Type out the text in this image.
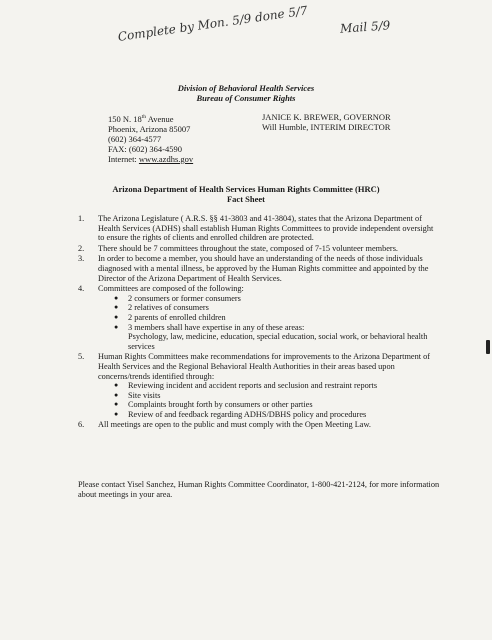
Complete by Mon. 5/9 done 5/7	Mail 5/9
Division of Behavioral Health Services
Bureau of Consumer Rights
150 N. 18th Avenue
Phoenix, Arizona 85007
(602) 364-4577
FAX: (602) 364-4590
Internet: www.azdhs.gov
JANICE K. BREWER, GOVERNOR
Will Humble, INTERIM DIRECTOR
Arizona Department of Health Services Human Rights Committee (HRC)
Fact Sheet
1.	The Arizona Legislature ( A.R.S. §§ 41-3803 and 41-3804), states that the Arizona Department of Health Services (ADHS) shall establish Human Rights Committees to provide independent oversight to ensure the rights of clients and enrolled children are protected.
2.	There should be 7 committees throughout the state, composed of 7-15 volunteer members.
3.	In order to become a member, you should have an understanding of the needs of those individuals diagnosed with a mental illness, be approved by the Human Rights committee and appointed by the Director of the Arizona Department of Health Services.
4.	Committees are composed of the following:
● 2 consumers or former consumers
● 2 relatives of consumers
● 2 parents of enrolled children
● 3 members shall have expertise in any of these areas:
Psychology, law, medicine, education, special education, social work, or behavioral health services
5.	Human Rights Committees make recommendations for improvements to the Arizona Department of Health Services and the Regional Behavioral Health Authorities in their areas based upon concerns/trends identified through:
● Reviewing incident and accident reports and seclusion and restraint reports
● Site visits
● Complaints brought forth by consumers or other parties
● Review of and feedback regarding ADHS/DBHS policy and procedures
6.	All meetings are open to the public and must comply with the Open Meeting Law.
Please contact Yisel Sanchez, Human Rights Committee Coordinator, 1-800-421-2124, for more information about meetings in your area.
